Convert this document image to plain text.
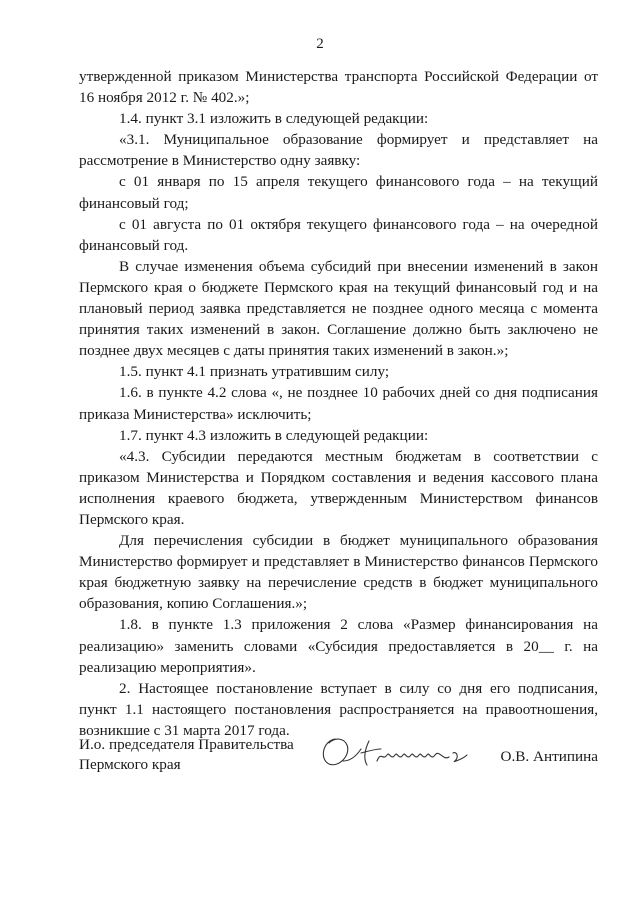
2

утвержденной приказом Министерства транспорта Российской Федерации от 16 ноября 2012 г. № 402.»;

1.4. пункт 3.1 изложить в следующей редакции:

«3.1. Муниципальное образование формирует и представляет на рассмотрение в Министерство одну заявку:

с 01 января по 15 апреля текущего финансового года – на текущий финансовый год;

с 01 августа по 01 октября текущего финансового года – на очередной финансовый год.

В случае изменения объема субсидий при внесении изменений в закон Пермского края о бюджете Пермского края на текущий финансовый год и на плановый период заявка представляется не позднее одного месяца с момента принятия таких изменений в закон. Соглашение должно быть заключено не позднее двух месяцев с даты принятия таких изменений в закон.»;

1.5. пункт 4.1 признать утратившим силу;

1.6. в пункте 4.2 слова «, не позднее 10 рабочих дней со дня подписания приказа Министерства» исключить;

1.7. пункт 4.3 изложить в следующей редакции:

«4.3. Субсидии передаются местным бюджетам в соответствии с приказом Министерства и Порядком составления и ведения кассового плана исполнения краевого бюджета, утвержденным Министерством финансов Пермского края.

Для перечисления субсидии в бюджет муниципального образования Министерство формирует и представляет в Министерство финансов Пермского края бюджетную заявку на перечисление средств в бюджет муниципального образования, копию Соглашения.»;

1.8. в пункте 1.3 приложения 2 слова «Размер финансирования на реализацию» заменить словами «Субсидия предоставляется в 20__ г. на реализацию мероприятия».

2. Настоящее постановление вступает в силу со дня его подписания, пункт 1.1 настоящего постановления распространяется на правоотношения, возникшие с 31 марта 2017 года.

И.о. председателя Правительства
Пермского края	О.В. Антипина
